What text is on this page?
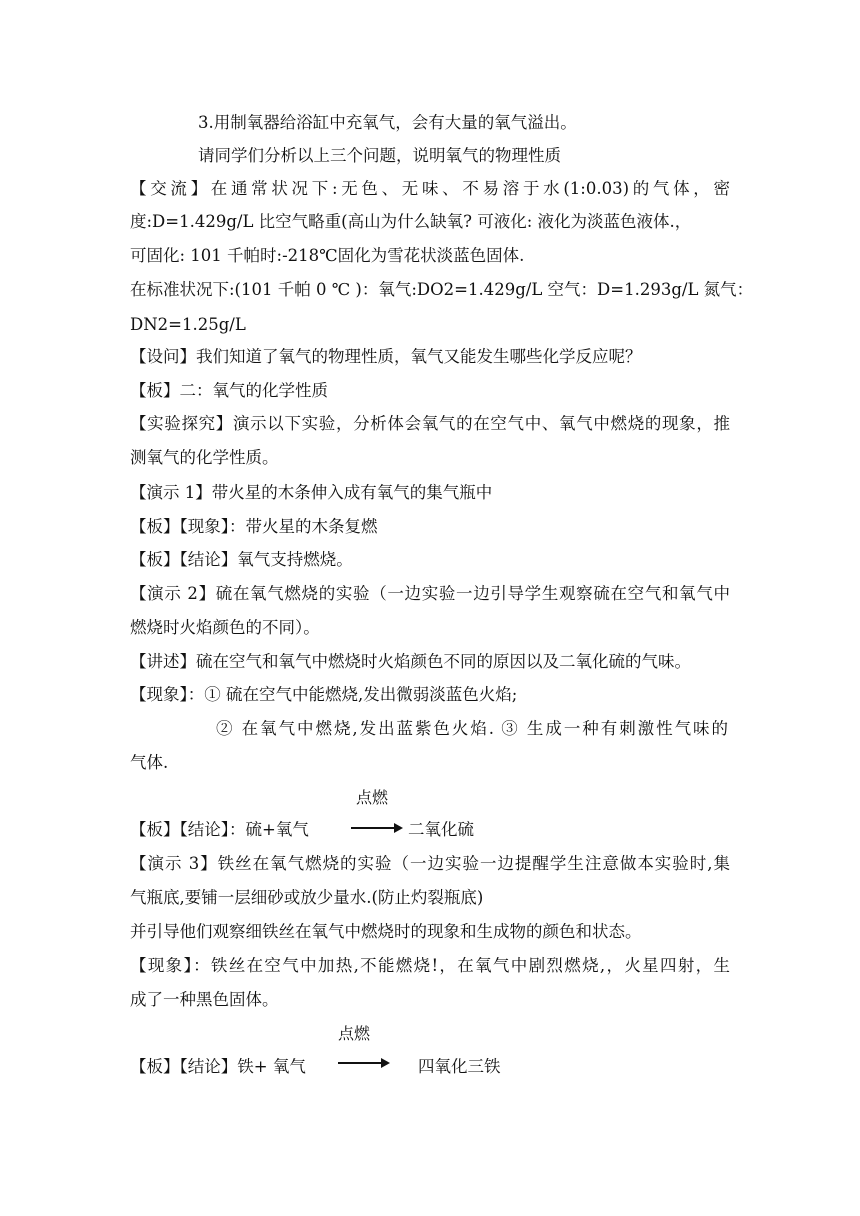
3.用制氧器给浴缸中充氧气，会有大量的氧气溢出。
请同学们分析以上三个问题，说明氧气的物理性质
【交流】在通常状况下:无色、无味、不易溶于水(1:0.03)的气体，密
度:D=1.429g/L 比空气略重(高山为什么缺氧? 可液化: 液化为淡蓝色液体.，
可固化: 101 千帕时:-218℃固化为雪花状淡蓝色固体.
在标准状况下:(101 千帕 0 ℃ )：氧气:DO2=1.429g/L 空气：D=1.293g/L 氮气：
DN2=1.25g/L
【设问】我们知道了氧气的物理性质，氧气又能发生哪些化学反应呢？
【板】二：氧气的化学性质
【实验探究】演示以下实验，分析体会氧气的在空气中、氧气中燃烧的现象，推
测氧气的化学性质。
【演示 1】带火星的木条伸入成有氧气的集气瓶中
【板】【现象】：带火星的木条复燃
【板】【结论】氧气支持燃烧。
【演示 2】硫在氧气燃烧的实验（一边实验一边引导学生观察硫在空气和氧气中
燃烧时火焰颜色的不同）。
【讲述】硫在空气和氧气中燃烧时火焰颜色不同的原因以及二氧化硫的气味。
【现象】：① 硫在空气中能燃烧,发出微弱淡蓝色火焰;
② 在氧气中燃烧,发出蓝紫色火焰. ③ 生成一种有刺激性气味的
气体.
点燃
【板】【结论】：硫+氧气	→ 二氧化硫
【演示 3】铁丝在氧气燃烧的实验（一边实验一边提醒学生注意做本实验时,集
气瓶底,要铺一层细砂或放少量水.(防止灼裂瓶底)
并引导他们观察细铁丝在氧气中燃烧时的现象和生成物的颜色和状态。
【现象】：铁丝在空气中加热,不能燃烧!，在氧气中剧烈燃烧,，火星四射，生
成了一种黑色固体。
点燃
【板】【结论】铁+ 氧气	四氧化三铁
